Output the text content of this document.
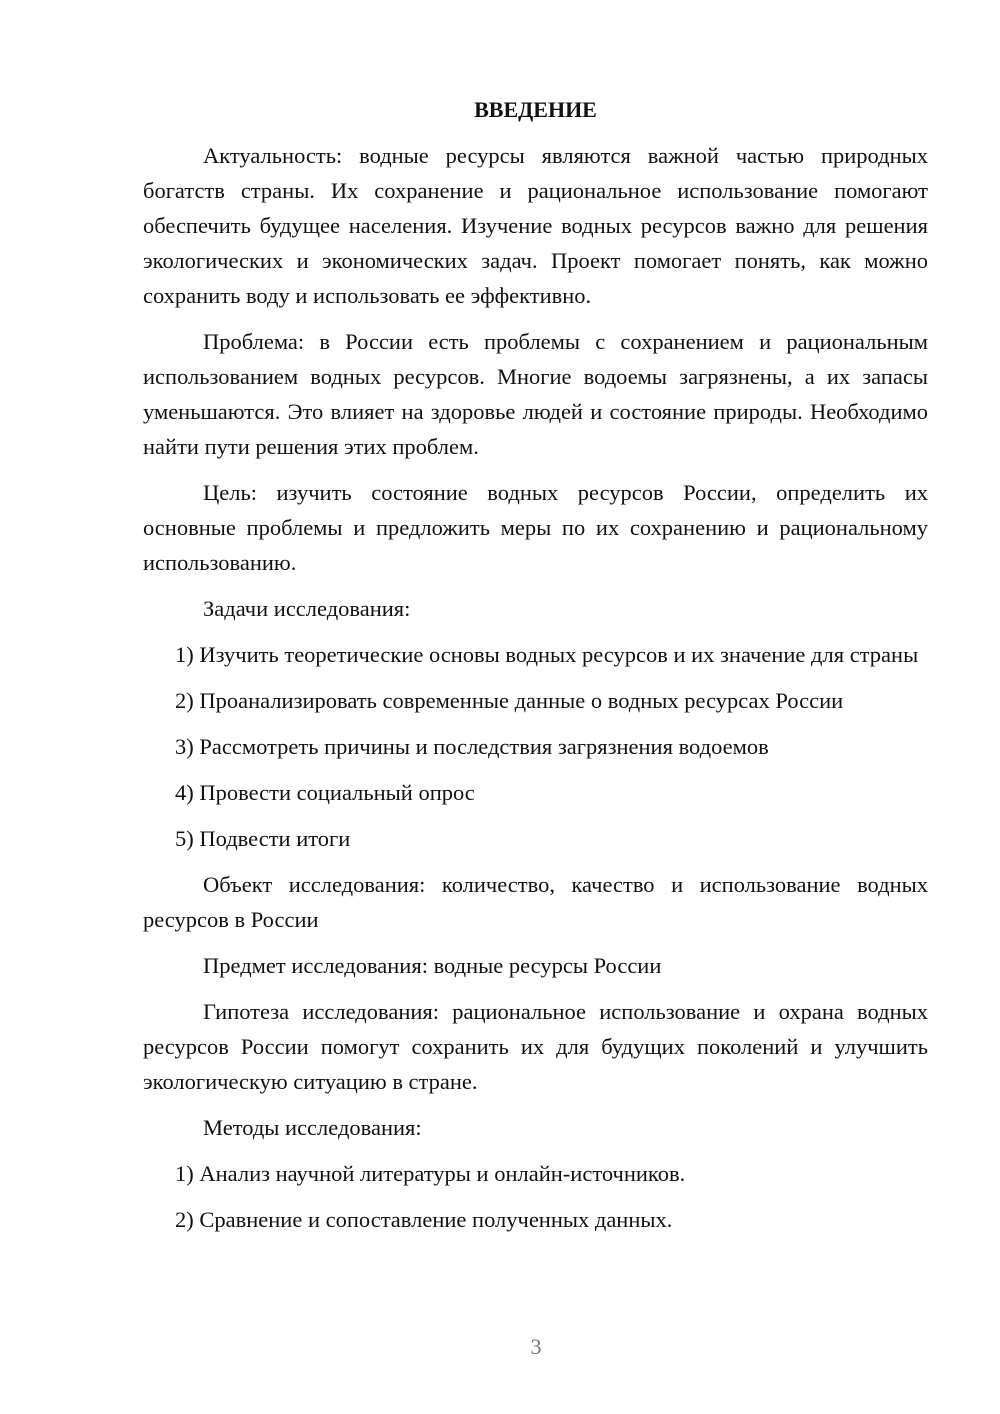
ВВЕДЕНИЕ

Актуальность: водные ресурсы являются важной частью природных богатств страны. Их сохранение и рациональное использование помогают обеспечить будущее населения. Изучение водных ресурсов важно для решения экологических и экономических задач. Проект помогает понять, как можно сохранить воду и использовать ее эффективно.

Проблема: в России есть проблемы с сохранением и рациональным использованием водных ресурсов. Многие водоемы загрязнены, а их запасы уменьшаются. Это влияет на здоровье людей и состояние природы. Необходимо найти пути решения этих проблем.

Цель: изучить состояние водных ресурсов России, определить их основные проблемы и предложить меры по их сохранению и рациональному использованию.

Задачи исследования:

1) Изучить теоретические основы водных ресурсов и их значение для страны

2) Проанализировать современные данные о водных ресурсах России

3) Рассмотреть причины и последствия загрязнения водоемов

4) Провести социальный опрос

5) Подвести итоги

Объект исследования: количество, качество и использование водных ресурсов в России

Предмет исследования: водные ресурсы России

Гипотеза исследования: рациональное использование и охрана водных ресурсов России помогут сохранить их для будущих поколений и улучшить экологическую ситуацию в стране.

Методы исследования:

1) Анализ научной литературы и онлайн-источников.

2) Сравнение и сопоставление полученных данных.

3
